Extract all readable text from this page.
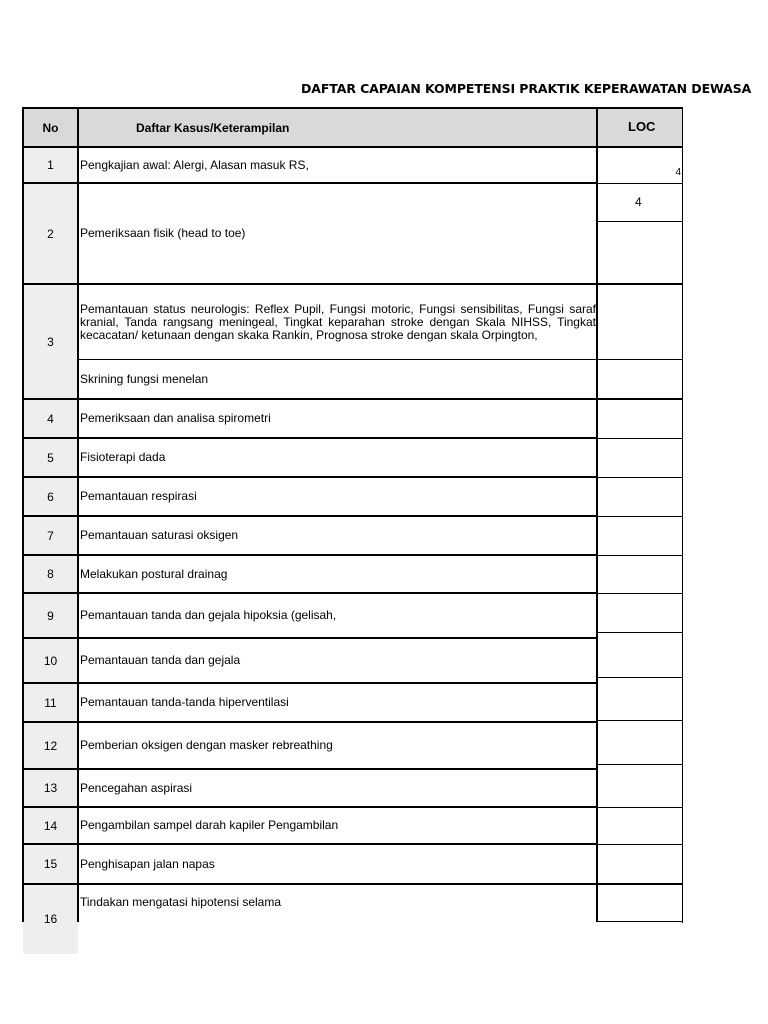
DAFTAR CAPAIAN KOMPETENSI PRAKTIK KEPERAWATAN DEWASA
No	Daftar Kasus/Keterampilan	LOC
1 Pengkajian awal: Alergi, Alasan masuk RS,
4
2 Pemeriksaan fisik (head to toe)
4
3
Pemantauan status neurologis: Reflex Pupil, Fungsi motoric, Fungsi sensibilitas, Fungsi saraf kranial, Tanda rangsang meningeal, Tingkat keparahan stroke dengan Skala NIHSS, Tingkat kecacatan/ ketunaan dengan skaka Rankin, Prognosa stroke dengan skala Orpington,
Skrining fungsi menelan
4 Pemeriksaan dan analisa spirometri
5 Fisioterapi dada
6 Pemantauan respirasi
7 Pemantauan saturasi oksigen
8 Melakukan postural drainag
9 Pemantauan tanda dan gejala hipoksia (gelisah,
10 Pemantauan tanda dan gejala
11 Pemantauan tanda-tanda hiperventilasi
12 Pemberian oksigen dengan masker rebreathing
13 Pencegahan aspirasi
14 Pengambilan sampel darah kapiler Pengambilan
15 Penghisapan jalan napas
16
Tindakan mengatasi hipotensi selama
